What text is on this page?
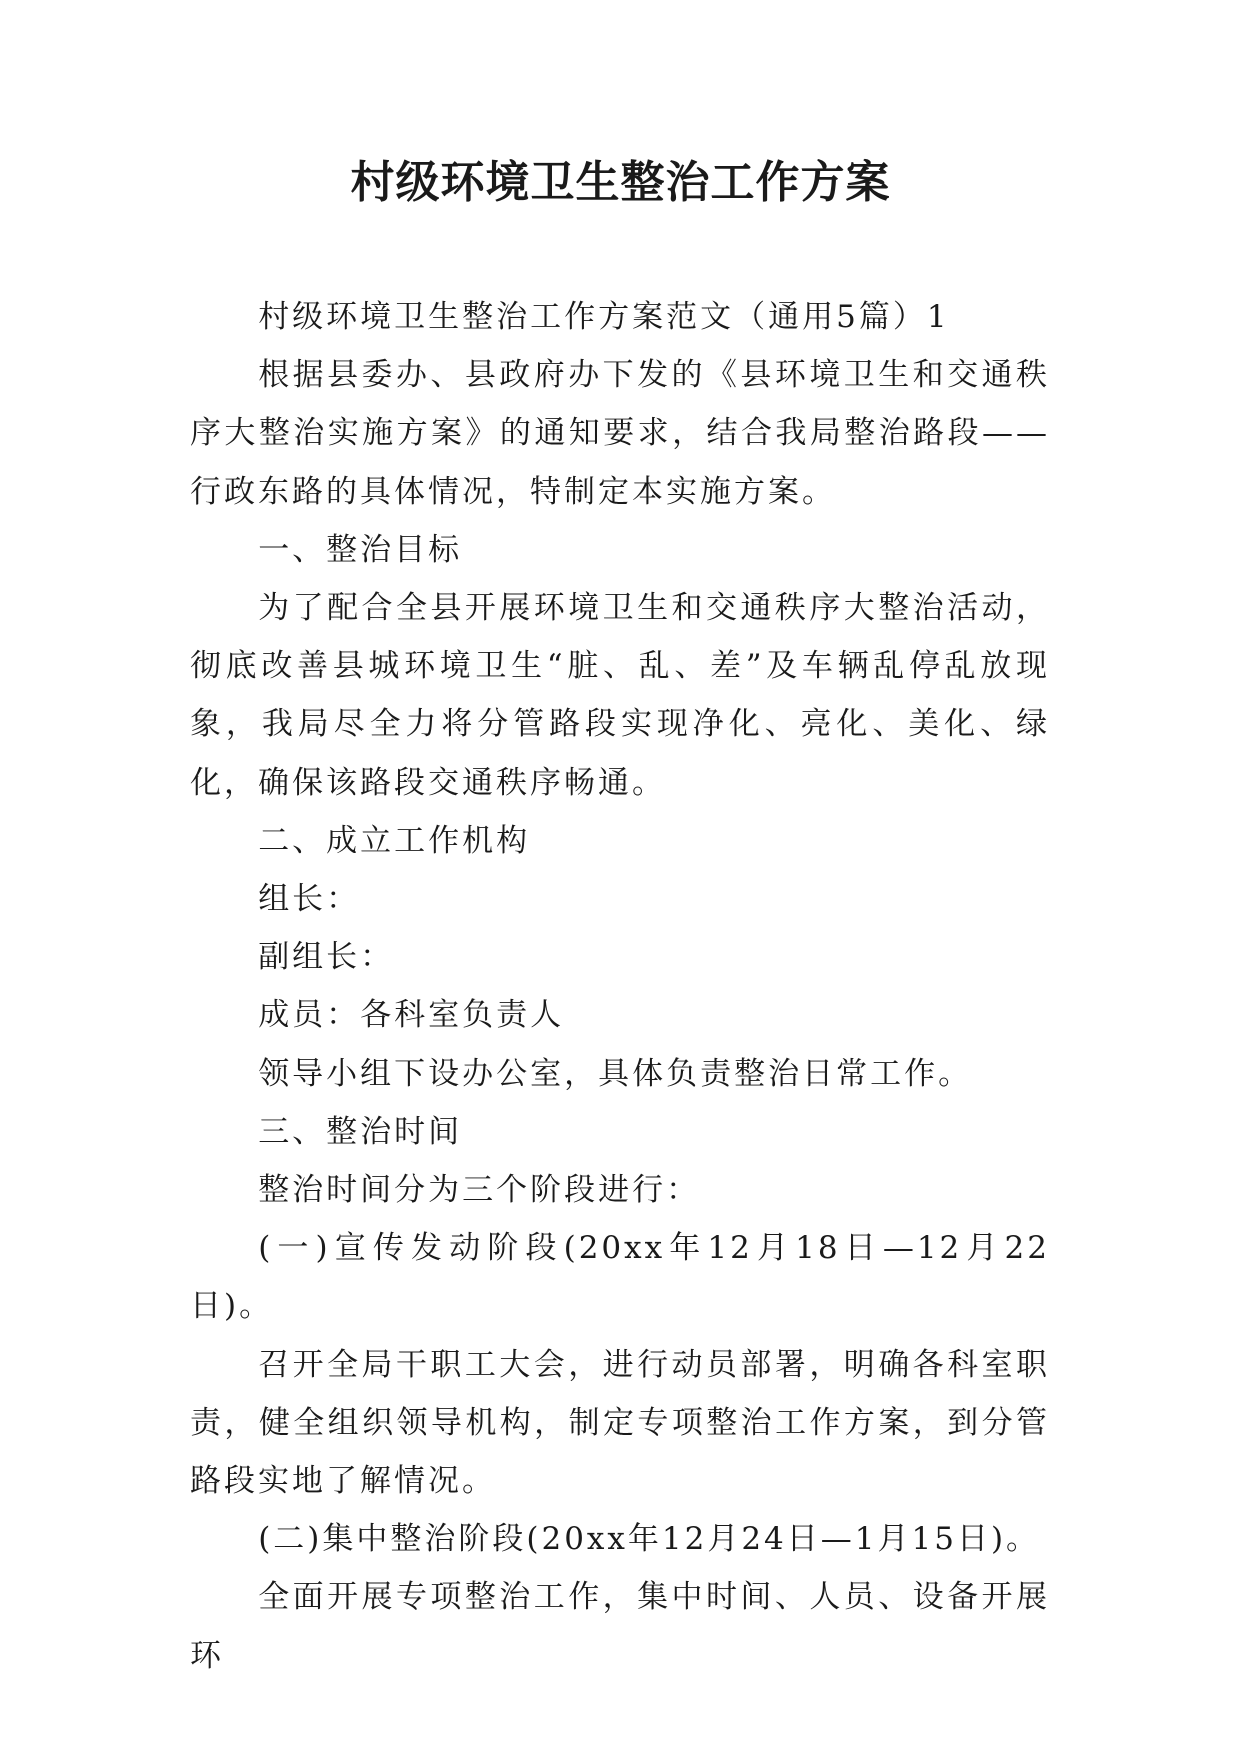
村级环境卫生整治工作方案

村级环境卫生整治工作方案范文（通用5篇）1

根据县委办、县政府办下发的《县环境卫生和交通秩序大整治实施方案》的通知要求，结合我局整治路段——行政东路的具体情况，特制定本实施方案。

一、整治目标

为了配合全县开展环境卫生和交通秩序大整治活动，彻底改善县城环境卫生“脏、乱、差”及车辆乱停乱放现象，我局尽全力将分管路段实现净化、亮化、美化、绿化，确保该路段交通秩序畅通。

二、成立工作机构

组长：

副组长：

成员：各科室负责人

领导小组下设办公室，具体负责整治日常工作。

三、整治时间

整治时间分为三个阶段进行：

(一)宣传发动阶段(20xx年12月18日—12月22日)。

召开全局干职工大会，进行动员部署，明确各科室职责，健全组织领导机构，制定专项整治工作方案，到分管路段实地了解情况。

(二)集中整治阶段(20xx年12月24日—1月15日)。

全面开展专项整治工作，集中时间、人员、设备开展环
